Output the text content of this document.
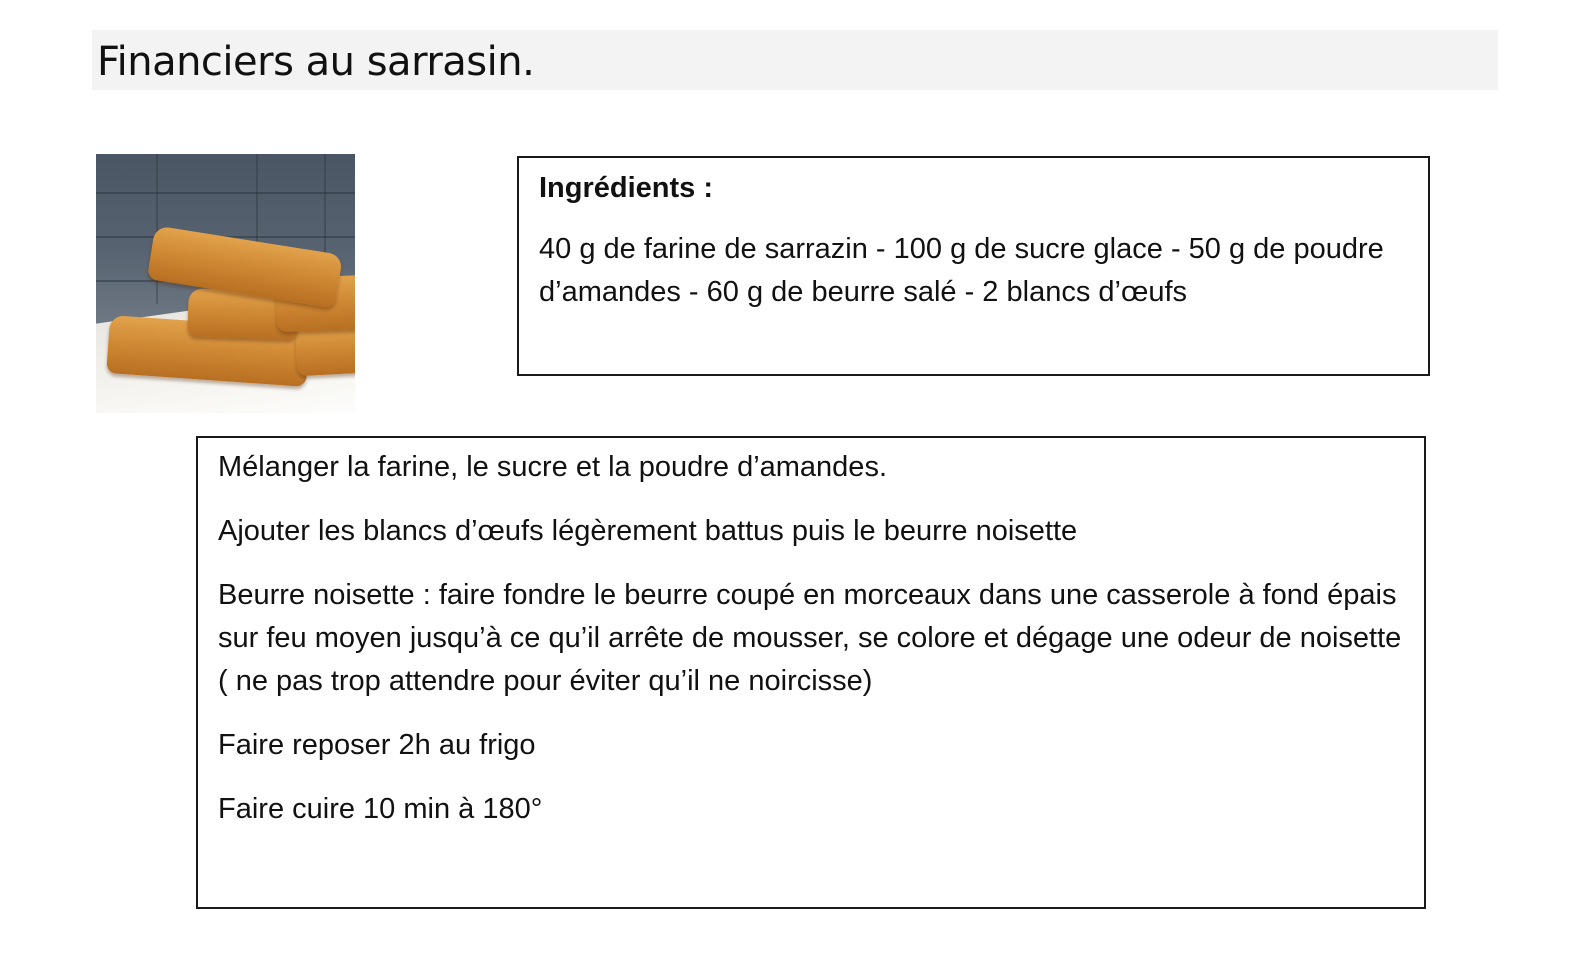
Financiers au sarrasin.

Ingrédients :

40 g de farine de sarrazin - 100 g de sucre glace - 50 g de poudre d’amandes - 60 g de beurre salé - 2 blancs d’œufs

Mélanger la farine, le sucre et la poudre d’amandes.

Ajouter les blancs d’œufs légèrement battus puis le beurre noisette

Beurre noisette : faire fondre le beurre coupé en morceaux dans une casserole à fond épais sur feu moyen jusqu’à ce qu’il arrête de mousser, se colore et dégage une odeur de noisette ( ne pas trop attendre pour éviter qu’il ne noircisse)

Faire reposer 2h au frigo

Faire cuire 10 min à 180°
